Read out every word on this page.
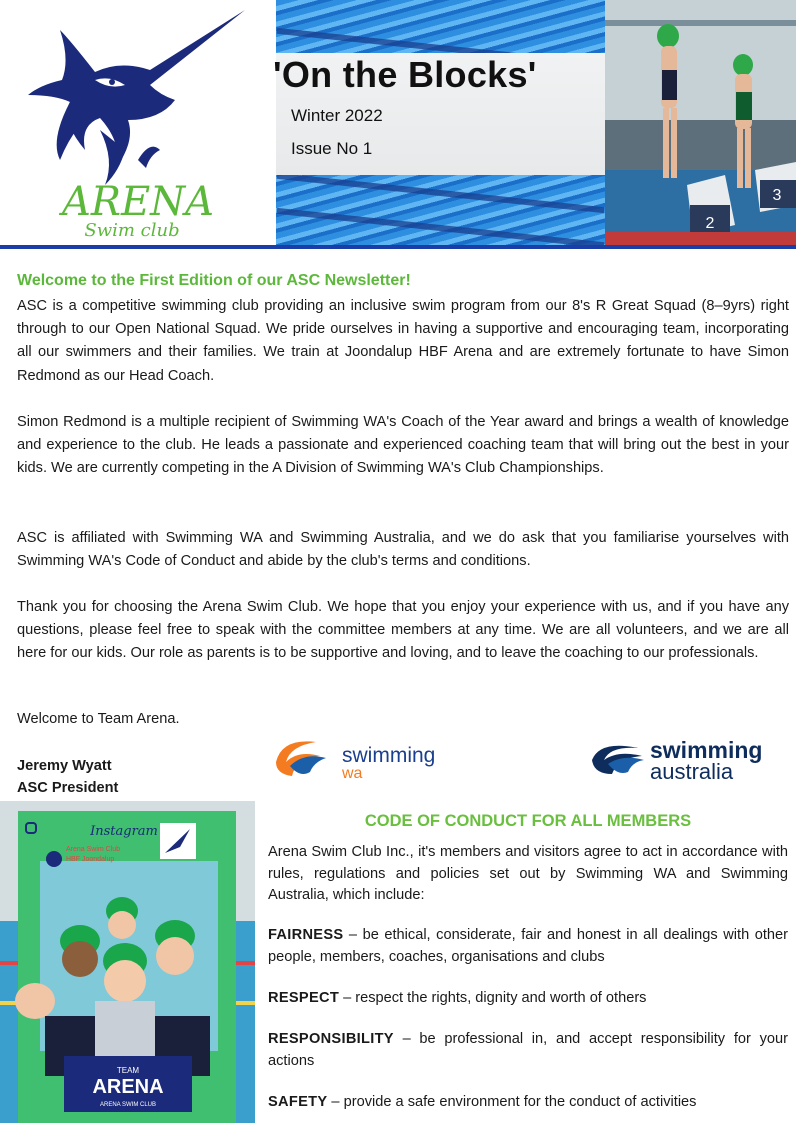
ARENA
Swim club
'On the Blocks'
Winter 2022
Issue No 1
2
3
Welcome to the First Edition of our ASC Newsletter!

ASC is a competitive swimming club providing an inclusive swim program from our 8's R Great Squad (8–9yrs) right through to our Open National Squad. We pride ourselves in having a supportive and encouraging team, incorporating all our swimmers and their families. We train at Joondalup HBF Arena and are extremely fortunate to have Simon Redmond as our Head Coach.

Simon Redmond is a multiple recipient of Swimming WA's Coach of the Year award and brings a wealth of knowledge and experience to the club. He leads a passionate and experienced coaching team that will bring out the best in your kids. We are currently competing in the A Division of Swimming WA's Club Championships.

ASC is affiliated with Swimming WA and Swimming Australia, and we do ask that you familiarise yourselves with Swimming WA's Code of Conduct and abide by the club's terms and conditions.

Thank you for choosing the Arena Swim Club. We hope that you enjoy your experience with us, and if you have any questions, please feel free to speak with the committee members at any time. We are all volunteers, and we are all here for our kids. Our role as parents is to be supportive and loving, and to leave the coaching to our professionals.

Welcome to Team Arena.
Jeremy Wyatt
ASC President
swimming
wa
swimming
australia
Instagram
Arena Swim Club
HBF Joondalup
TEAM
ARENA
ARENA SWIM CLUB
CODE OF CONDUCT FOR ALL MEMBERS

Arena Swim Club Inc., it's members and visitors agree to act in accordance with rules, regulations and policies set out by Swimming WA and Swimming Australia, which include:

FAIRNESS – be ethical, considerate, fair and honest in all dealings with other people, members, coaches, organisations and clubs

RESPECT – respect the rights, dignity and worth of others

RESPONSIBILITY – be professional in, and accept responsibility for your actions

SAFETY – provide a safe environment for the conduct of activities
